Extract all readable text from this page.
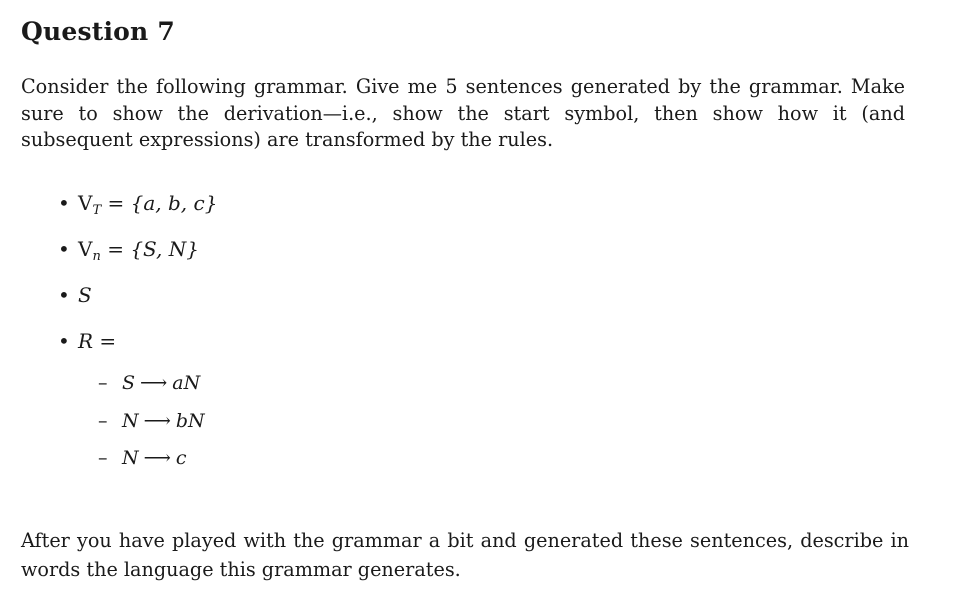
Question 7

Consider the following grammar. Give me 5 sentences generated by the grammar. Make sure to show the derivation—i.e., show the start symbol, then show how it (and subsequent expressions) are transformed by the rules.

• $V_T = \{a$, b, c}
• $V_n = \{S$, N}
• S
• R =
– S ⟶ aN
– N ⟶ bN
– N ⟶ c

After you have played with the grammar a bit and generated these sentences, describe in words the language this grammar generates.
